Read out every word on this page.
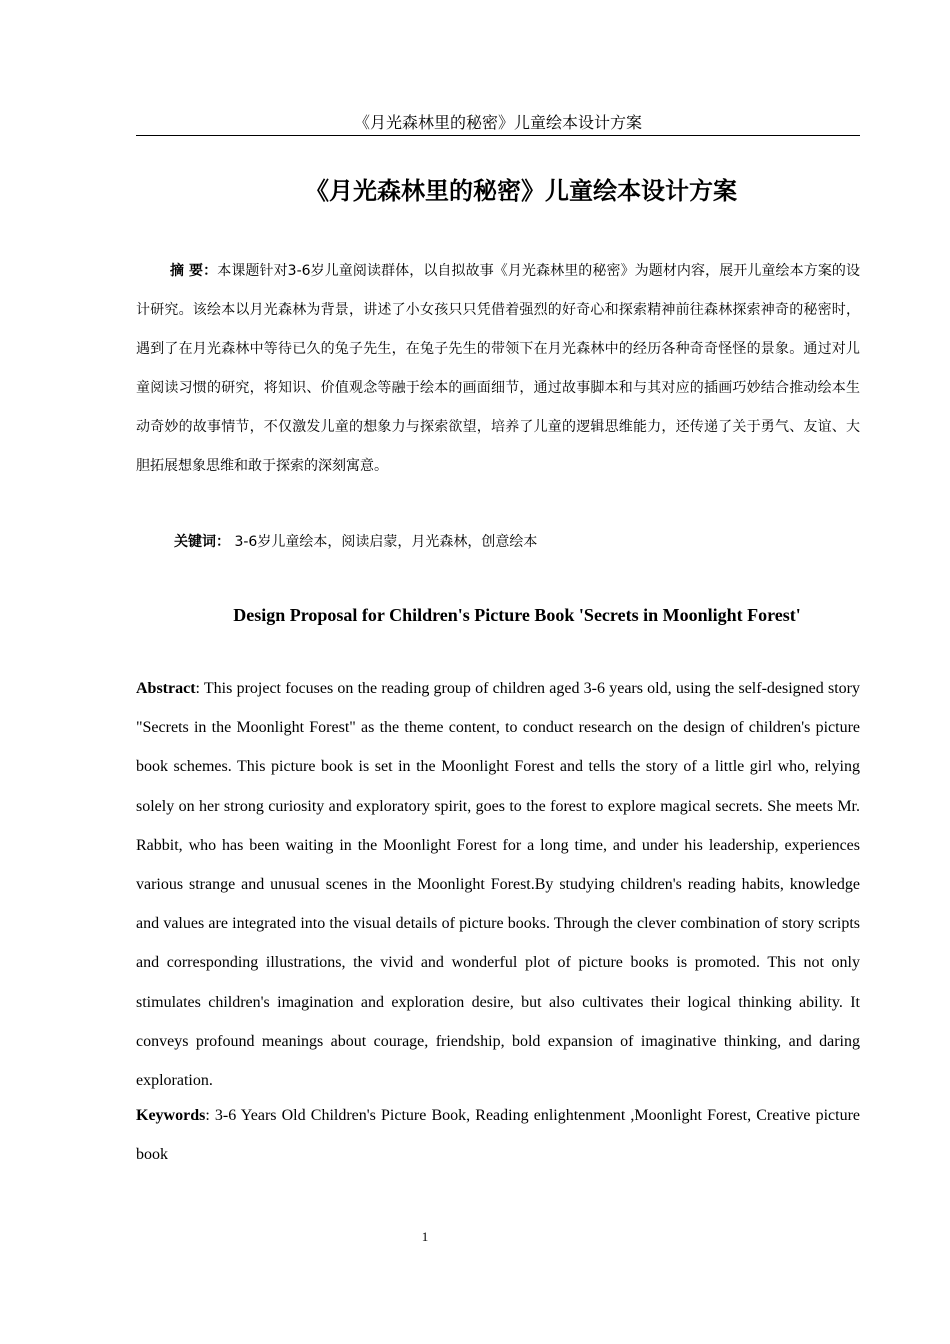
《月光森林里的秘密》儿童绘本设计方案
《月光森林里的秘密》儿童绘本设计方案

摘 要：本课题针对3-6岁儿童阅读群体，以自拟故事《月光森林里的秘密》为题材内容，展开儿童绘本方案的设计研究。该绘本以月光森林为背景，讲述了小女孩只只凭借着强烈的好奇心和探索精神前往森林探索神奇的秘密时，遇到了在月光森林中等待已久的兔子先生，在兔子先生的带领下在月光森林中的经历各种奇奇怪怪的景象。通过对儿童阅读习惯的研究，将知识、价值观念等融于绘本的画面细节，通过故事脚本和与其对应的插画巧妙结合推动绘本生动奇妙的故事情节，不仅激发儿童的想象力与探索欲望，培养了儿童的逻辑思维能力，还传递了关于勇气、友谊、大胆拓展想象思维和敢于探索的深刻寓意。

关键词： 3-6岁儿童绘本，阅读启蒙，月光森林，创意绘本

Design Proposal for Children's Picture Book 'Secrets in Moonlight Forest'

Abstract: This project focuses on the reading group of children aged 3-6 years old, using the self-designed story "Secrets in the Moonlight Forest" as the theme content, to conduct research on the design of children's picture book schemes. This picture book is set in the Moonlight Forest and tells the story of a little girl who, relying solely on her strong curiosity and exploratory spirit, goes to the forest to explore magical secrets. She meets Mr. Rabbit, who has been waiting in the Moonlight Forest for a long time, and under his leadership, experiences various strange and unusual scenes in the Moonlight Forest.By studying children's reading habits, knowledge and values are integrated into the visual details of picture books. Through the clever combination of story scripts and corresponding illustrations, the vivid and wonderful plot of picture books is promoted. This not only stimulates children's imagination and exploration desire, but also cultivates their logical thinking ability. It conveys profound meanings about courage, friendship, bold expansion of imaginative thinking, and daring exploration.

Keywords: 3-6 Years Old Children's Picture Book, Reading enlightenment ,Moonlight Forest, Creative picture book

1
